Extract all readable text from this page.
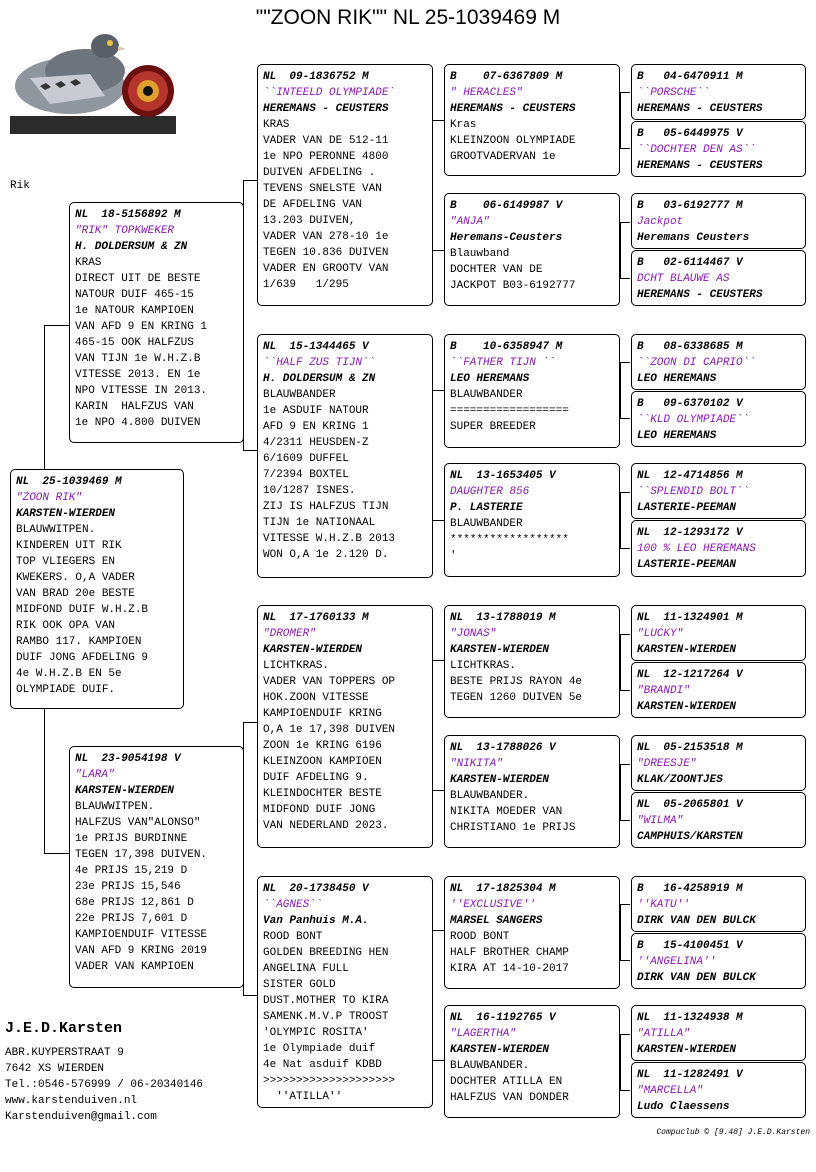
""ZOON RIK"" NL 25-1039469 M
Rik
NL  25-1039469 M
"ZOON RIK"
KARSTEN-WIERDEN
BLAUWWITPEN.
KINDEREN UIT RIK
TOP VLIEGERS EN
KWEKERS. O,A VADER
VAN BRAD 20e BESTE
MIDFOND DUIF W.H.Z.B
RIK OOK OPA VAN
RAMBO 117. KAMPIOEN
DUIF JONG AFDELING 9
4e W.H.Z.B EN 5e
OLYMPIADE DUIF.
NL  18-5156892 M
"RIK" TOPKWEKER
H. DOLDERSUM & ZN
KRAS
DIRECT UIT DE BESTE
NATOUR DUIF 465-15
1e NATOUR KAMPIOEN
VAN AFD 9 EN KRING 1
465-15 OOK HALFZUS
VAN TIJN 1e W.H.Z.B
VITESSE 2013. EN 1e
NPO VITESSE IN 2013.
KARIN  HALFZUS VAN
1e NPO 4.800 DUIVEN
NL  23-9054198 V
"LARA"
KARSTEN-WIERDEN
BLAUWWITPEN.
HALFZUS VAN"ALONSO"
1e PRIJS BURDINNE
TEGEN 17,398 DUIVEN.
4e PRIJS 15,219 D
23e PRIJS 15,546
68e PRIJS 12,861 D
22e PRIJS 7,601 D
KAMPIOENDUIF VITESSE
VAN AFD 9 KRING 2019
VADER VAN KAMPIOEN
NL  09-1836752 M
``INTEELD OLYMPIADE`
HEREMANS - CEUSTERS
KRAS
VADER VAN DE 512-11
1e NPO PERONNE 4800
DUIVEN AFDELING .
TEVENS SNELSTE VAN
DE AFDELING VAN
13.203 DUIVEN,
VADER VAN 278-10 1e
TEGEN 10.836 DUIVEN
VADER EN GROOTV VAN
1/639   1/295
NL  15-1344465 V
``HALF ZUS TIJN``
H. DOLDERSUM & ZN
BLAUWBANDER
1e ASDUIF NATOUR
AFD 9 EN KRING 1
4/2311 HEUSDEN-Z
6/1609 DUFFEL
7/2394 BOXTEL
10/1287 ISNES.
ZIJ IS HALFZUS TIJN
TIJN 1e NATIONAAL
VITESSE W.H.Z.B 2013
WON O,A 1e 2.120 D.
NL  17-1760133 M
"DROMER"
KARSTEN-WIERDEN
LICHTKRAS.
VADER VAN TOPPERS OP
HOK.ZOON VITESSE
KAMPIOENDUIF KRING
O,A 1e 17,398 DUIVEN
ZOON 1e KRING 6196
KLEINZOON KAMPIOEN
DUIF AFDELING 9.
KLEINDOCHTER BESTE
MIDFOND DUIF JONG
VAN NEDERLAND 2023.
NL  20-1738450 V
``AGNES``
Van Panhuis M.A.
ROOD BONT
GOLDEN BREEDING HEN
ANGELINA FULL
SISTER GOLD
DUST.MOTHER TO KIRA
SAMENK.M.V.P TROOST
'OLYMPIC ROSITA'
1e Olympiade duif
4e Nat asduif KDBD
>>>>>>>>>>>>>>>>>>>>
''ATILLA''
B    07-6367809 M
" HERACLES"
HEREMANS - CEUSTERS
Kras
KLEINZOON OLYMPIADE
GROOTVADERVAN 1e
B    06-6149987 V
"ANJA"
Heremans-Ceusters
Blauwband
DOCHTER VAN DE
JACKPOT B03-6192777
B    10-6358947 M
``FATHER TIJN ``
LEO HEREMANS
BLAUWBANDER
==================
SUPER BREEDER
NL  13-1653405 V
DAUGHTER 856
P. LASTERIE
BLAUWBANDER
******************
'
NL  13-1788019 M
"JONAS"
KARSTEN-WIERDEN
LICHTKRAS.
BESTE PRIJS RAYON 4e
TEGEN 1260 DUIVEN 5e
NL  13-1788026 V
"NIKITA"
KARSTEN-WIERDEN
BLAUWBANDER.
NIKITA MOEDER VAN
CHRISTIANO 1e PRIJS
NL  17-1825304 M
''EXCLUSIVE''
MARSEL SANGERS
ROOD BONT
HALF BROTHER CHAMP
KIRA AT 14-10-2017
NL  16-1192765 V
"LAGERTHA"
KARSTEN-WIERDEN
BLAUWBANDER.
DOCHTER ATILLA EN
HALFZUS VAN DONDER
B   04-6470911 M
``PORSCHE``
HEREMANS - CEUSTERS
B   05-6449975 V
``DOCHTER DEN AS``
HEREMANS - CEUSTERS
B   03-6192777 M
Jackpot
Heremans Ceusters
B   02-6114467 V
DCHT BLAUWE AS
HEREMANS - CEUSTERS
B   08-6338685 M
``ZOON DI CAPRIO``
LEO HEREMANS
B   09-6370102 V
``KLD OLYMPIADE``
LEO HEREMANS
NL  12-4714856 M
``SPLENDID BOLT``
LASTERIE-PEEMAN
NL  12-1293172 V
100 % LEO HEREMANS
LASTERIE-PEEMAN
NL  11-1324901 M
"LUCKY"
KARSTEN-WIERDEN
NL  12-1217264 V
"BRANDI"
KARSTEN-WIERDEN
NL  05-2153518 M
"DREESJE"
KLAK/ZOONTJES
NL  05-2065801 V
"WILMA"
CAMPHUIS/KARSTEN
B   16-4258919 M
''KATU''
DIRK VAN DEN BULCK
B   15-4100451 V
''ANGELINA''
DIRK VAN DEN BULCK
NL  11-1324938 M
"ATILLA"
KARSTEN-WIERDEN
NL  11-1282491 V
"MARCELLA"
Ludo Claessens
J.E.D.Karsten
ABR.KUYPERSTRAAT 9
7642 XS WIERDEN
Tel.:0546-576999 / 06-20340146
www.karstenduiven.nl
Karstenduiven@gmail.com
Compuclub © [9.48] J.E.D.Karsten
